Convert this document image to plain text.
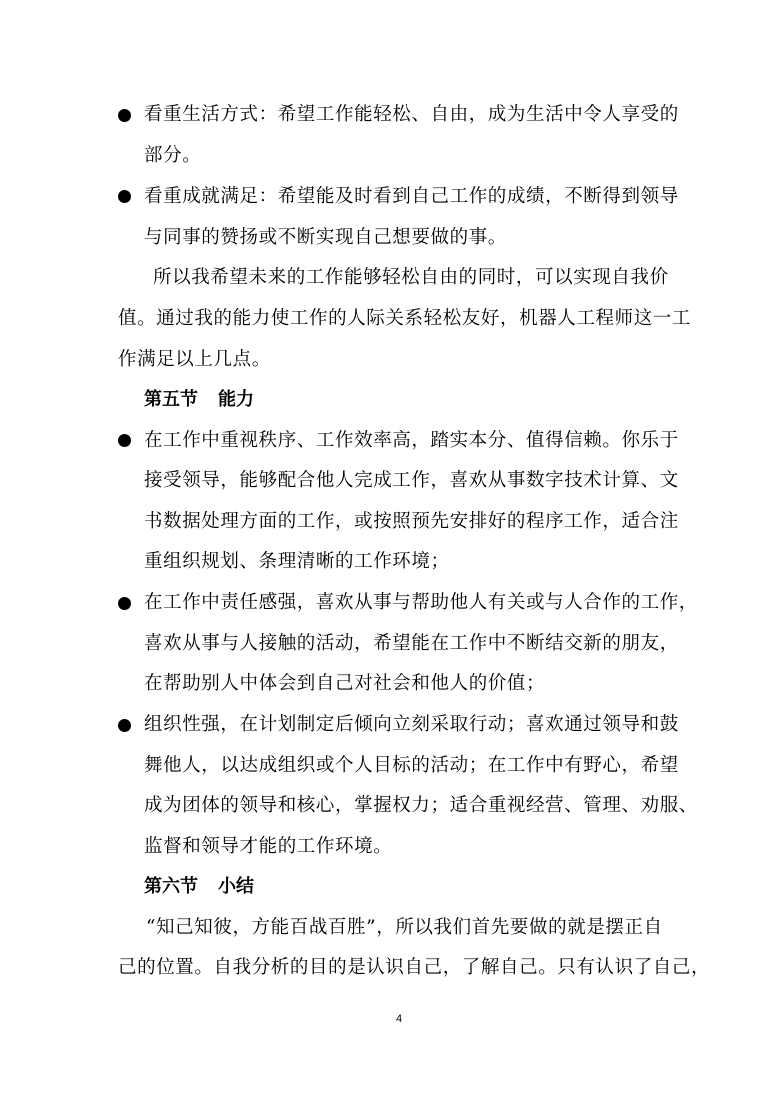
看重生活方式：希望工作能轻松、自由，成为生活中令人享受的
部分。
看重成就满足：希望能及时看到自己工作的成绩，不断得到领导
与同事的赞扬或不断实现自己想要做的事。
所以我希望未来的工作能够轻松自由的同时，可以实现自我价
值。通过我的能力使工作的人际关系轻松友好，机器人工程师这一工
作满足以上几点。
第五节 能力
在工作中重视秩序、工作效率高，踏实本分、值得信赖。你乐于
接受领导，能够配合他人完成工作，喜欢从事数字技术计算、文
书数据处理方面的工作，或按照预先安排好的程序工作，适合注
重组织规划、条理清晰的工作环境；
在工作中责任感强，喜欢从事与帮助他人有关或与人合作的工作，
喜欢从事与人接触的活动，希望能在工作中不断结交新的朋友，
在帮助别人中体会到自己对社会和他人的价值；
组织性强，在计划制定后倾向立刻采取行动；喜欢通过领导和鼓
舞他人，以达成组织或个人目标的活动；在工作中有野心，希望
成为团体的领导和核心，掌握权力；适合重视经营、管理、劝服、
监督和领导才能的工作环境。
第六节 小结
“知己知彼，方能百战百胜”，所以我们首先要做的就是摆正自
己的位置。自我分析的目的是认识自己，了解自己。只有认识了自己，
4
